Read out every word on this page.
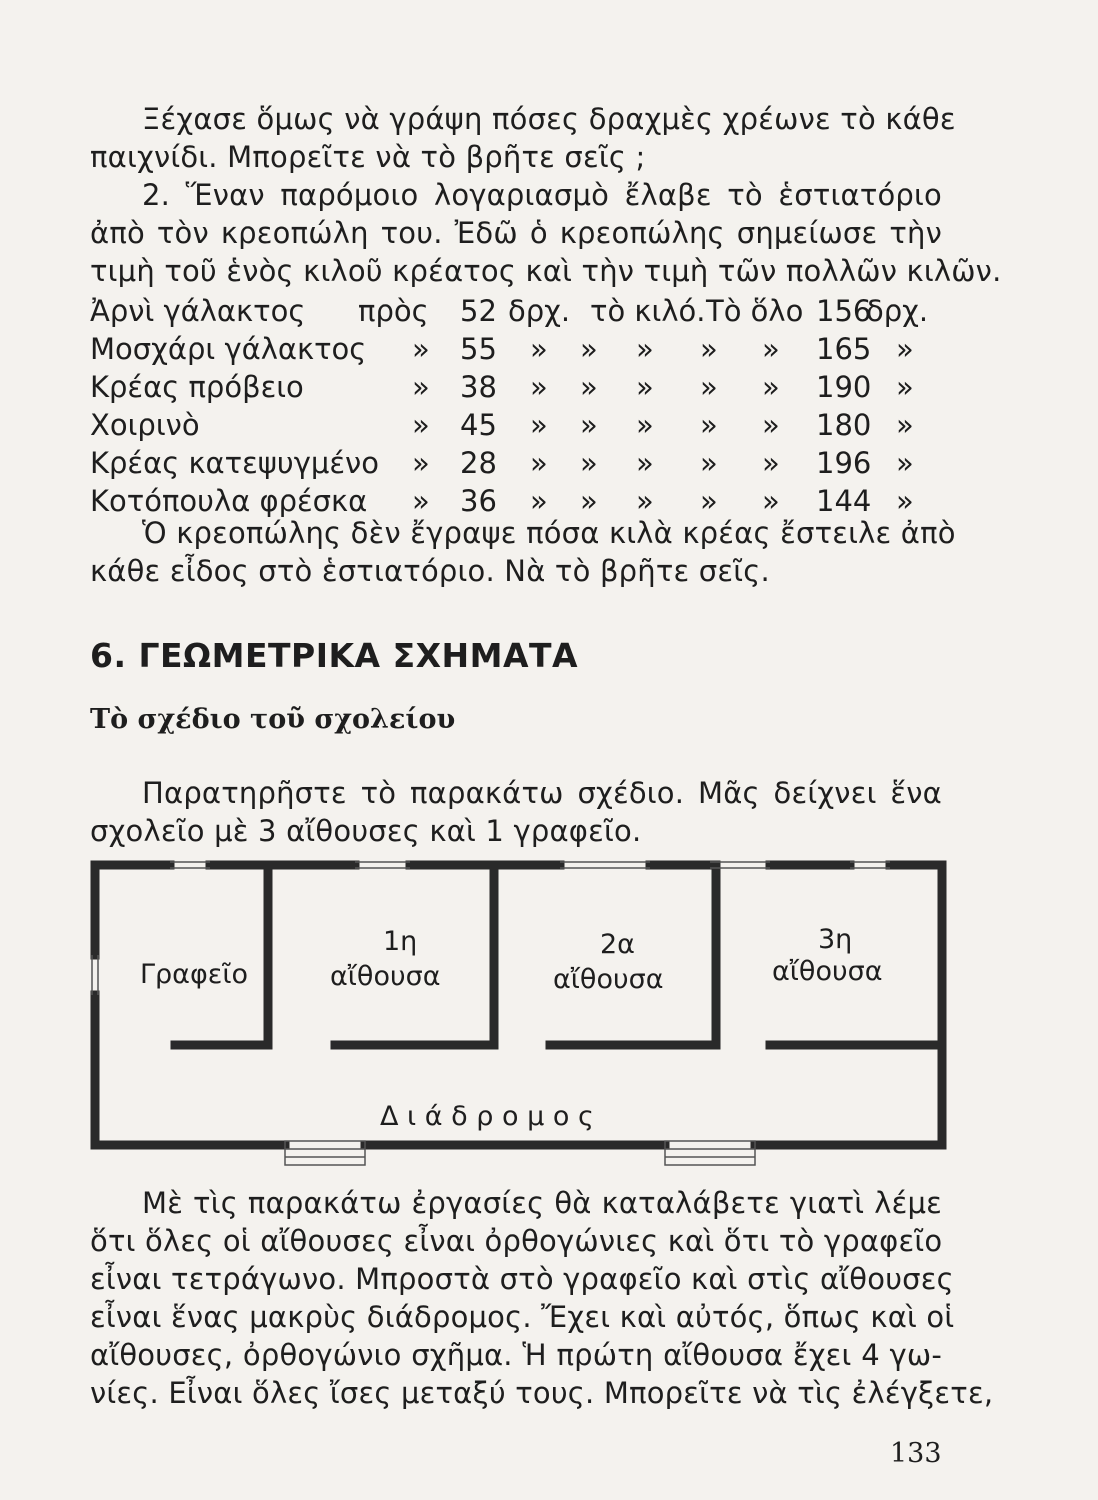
Ξέχασε ὅμως νὰ γράψη πόσες δραχμὲς χρέωνε τὸ κάθε
παιχνίδι. Μπορεῖτε νὰ τὸ βρῆτε σεῖς ;
2. Ἕναν παρόμοιο λογαριασμὸ ἔλαβε τὸ ἑστιατόριο
ἀπὸ τὸν κρεοπώλη του. Ἐδῶ ὁ κρεοπώλης σημείωσε τὴν
τιμὴ τοῦ ἑνὸς κιλοῦ κρέατος καὶ τὴν τιμὴ τῶν πολλῶν κιλῶν.
Ἀρνὶ γάλακτος πρὸς 52 δρχ. τὸ κιλό. Τὸ ὅλο 156
δρχ.
Μοσχάρι γάλακτος » 55 » » » » » 165 »
Κρέας πρόβειο	» 38 » » » » » 190 »
Χοιρινὸ	» 45 » » » » » 180 »
Κρέας κατεψυγμένο » 28 » » » » » 196 »
Κοτόπουλα φρέσκα » 36 » » » » » 144 »
Ὁ κρεοπώλης δὲν ἔγραψε πόσα κιλὰ κρέας ἔστειλε ἀπὸ
κάθε εἶδος στὸ ἑστιατόριο. Νὰ τὸ βρῆτε σεῖς.
6. ΓΕΩΜΕΤΡΙΚΑ ΣΧΗΜΑΤΑ
Τὸ σχέδιο τοῦ σχολείου
Παρατηρῆστε τὸ παρακάτω σχέδιο. Μᾶς δείχνει ἕνα
σχολεῖο μὲ 3 αἴθουσες καὶ 1 γραφεῖο.
Γραφεῖο
1η
αἴθουσα
2α
αἴθουσα
3η
αἴθουσα
Δ ι ά δ ρ ο μ ο ς
Μὲ τὶς παρακάτω ἐργασίες θὰ καταλάβετε γιατὶ λέμε
ὅτι ὅλες οἱ αἴθουσες εἶναι ὀρθογώνιες καὶ ὅτι τὸ γραφεῖο
εἶναι τετράγωνο. Μπροστὰ στὸ γραφεῖο καὶ στὶς αἴθουσες
εἶναι ἕνας μακρὺς διάδρομος. Ἔχει καὶ αὐτός, ὅπως καὶ οἱ
αἴθουσες, ὀρθογώνιο σχῆμα. Ἡ πρώτη αἴθουσα ἔχει 4 γω-
νίες. Εἶναι ὅλες ἴσες μεταξύ τους. Μπορεῖτε νὰ τὶς ἐλέγξετε,
133
